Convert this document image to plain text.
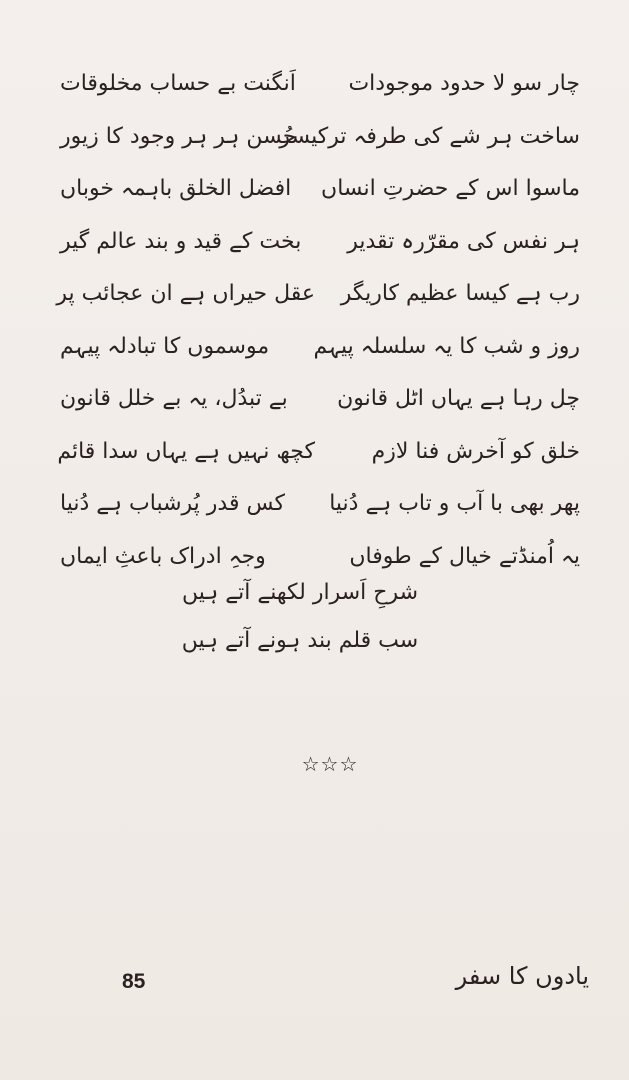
چار سو لا حدود موجودات
اَنگنت بے حساب مخلوقات
ساخت ہر شے کی طرفہ ترکیسر
حُسن ہر ہر وجود کا زیور
ماسوا اس کے حضرتِ انساں
افضل الخلق باہمہ خوباں
ہر نفس کی مقرّرہ تقدیر
بخت کے قید و بند عالم گیر
رب ہے کیسا عظیم کاریگر
عقل حیراں ہے ان عجائب پر
روز و شب کا یہ سلسلہ پیہم
موسموں کا تبادلہ پیہم
چل رہا ہے یہاں اٹل قانون
بے تبدُل، یہ بے خلل قانون
خلق کو آخرش فنا لازم
کچھ نہیں ہے یہاں سدا قائم
پھر بھی با آب و تاب ہے دُنیا
کس قدر پُرشباب ہے دُنیا
یہ اُمنڈتے خیال کے طوفاں
وجہِ ادراک باعثِ ایماں
شرحِ اَسرار لکھنے آتے ہیں
سب قلم بند ہونے آتے ہیں
☆☆☆
85	یادوں کا سفر
